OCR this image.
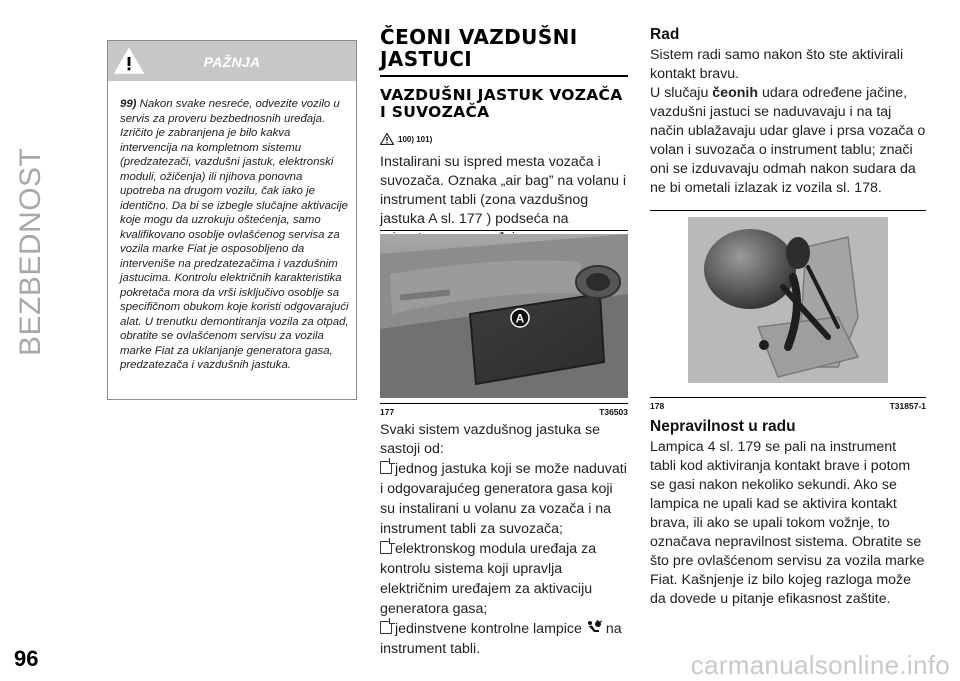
BEZBEDNOST
PAŽNJA
99) Nakon svake nesreće, odvezite vozilo u servis za proveru bezbednosnih uređaja. Izričito je zabranjena je bilo kakva intervencija na kompletnom sistemu (predzatezači, vazdušni jastuk, elektronski moduli, ožičenja) ili njihova ponovna upotreba na drugom vozilu, čak iako je identično. Da bi se izbegle slučajne aktivacije koje mogu da uzrokuju oštećenja, samo kvalifikovano osoblje ovlašćenog servisa za vozila marke Fiat je osposobljeno da interveniše na predzatezačima i vazdušnim jastucima. Kontrolu električnih karakteristika pokretača mora da vrši isključivo osoblje sa specifičnom obukom koje koristi odgovarajući alat. U trenutku demontiranja vozila za otpad, obratite se ovlašćenom servisu za vozila marke Fiat za uklanjanje generatora gasa, predzatezača i vazdušnih jastuka.
ČEONI VAZDUŠNI JASTUCI
VAZDUŠNI JASTUK VOZAČA I SUVOZAČA
100) 101)

Instalirani su ispred mesta vozača i suvozača. Oznaka „air bag” na volanu i instrument tabli (zona vazdušnog jastuka A sl. 177 ) podseća na

A
177	T36503

Svaki sistem vazdušnog jastuka se sastoji od:

jednog jastuka koji se može naduvati i odgovarajućeg generatora gasa koji su instalirani u volanu za vozača i na instrument tabli za suvozača;

elektronskog modula uređaja za kontrolu sistema koji upravlja električnim uređajem za aktivaciju generatora gasa;

jedinstvene kontrolne lampice na instrument tabli.

Rad

Sistem radi samo nakon što ste aktivirali kontakt bravu.

U slučaju čeonih udara određene jačine, vazdušni jastuci se naduvavaju i na taj način ublažavaju udar glave i prsa vozača o volan i suvozača o instrument tablu; znači oni se izduvavaju odmah nakon sudara da ne bi ometali izlazak iz vozila sl. 178.

178	T31857-1
Nepravilnost u radu

Lampica 4 sl. 179 se pali na instrument tabli kod aktiviranja kontakt brave i potom se gasi nakon nekoliko sekundi. Ako se lampica ne upali kad se aktivira kontakt brava, ili ako se upali tokom vožnje, to označava nepravilnost sistema. Obratite se što pre ovlašćenom servisu za vozila marke Fiat. Kašnjenje iz bilo kojeg razloga može da dovede u pitanje efikasnost zaštite.

96	carmanualsonline.info
